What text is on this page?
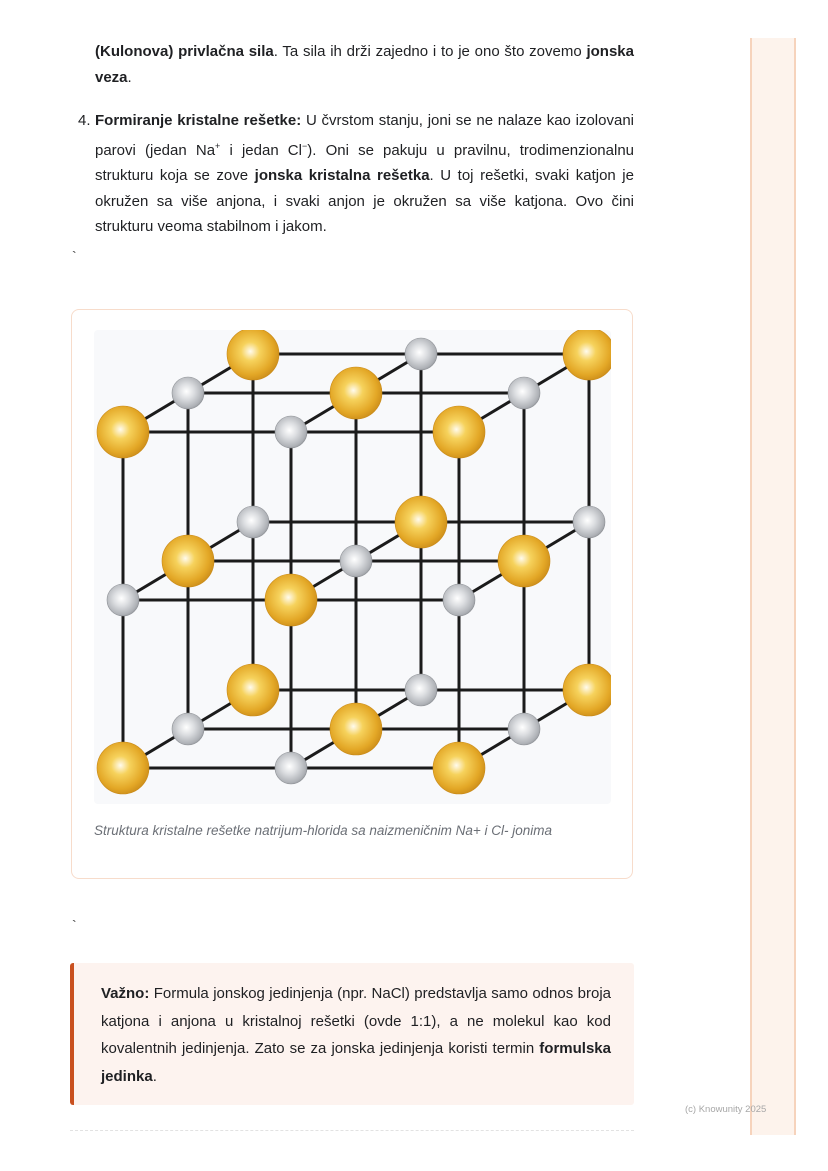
(Kulonova) privlačna sila. Ta sila ih drži zajedno i to je ono što zovemo jonska veza.

4. Formiranje kristalne rešetke: U čvrstom stanju, joni se ne nalaze kao izolovani parovi (jedan Na+ i jedan Cl−). Oni se pakuju u pravilnu, trodimenzionalnu strukturu koja se zove jonska kristalna rešetka. U toj rešetki, svaki katjon je okružen sa više anjona, i svaki anjon je okružen sa više katjona. Ovo čini strukturu veoma stabilnom i jakom.

`
Struktura kristalne rešetke natrijum-hlorida sa naizmeničnim Na+ i Cl- jonima
`

Važno: Formula jonskog jedinjenja (npr. NaCl) predstavlja samo odnos broja katjona i anjona u kristalnoj rešetki (ovde 1:1), a ne molekul kao kod kovalentnih jedinjenja. Zato se za jonska jedinjenja koristi termin formulska jedinka.

(c) Knowunity 2025
